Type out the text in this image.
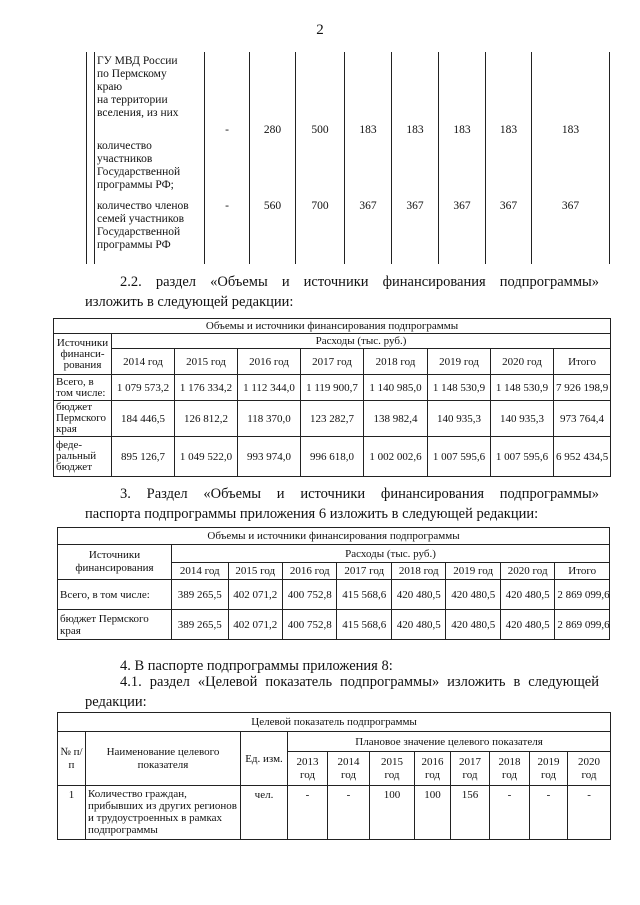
2

	ГУ МВД России
по Пермскому
краю
на территории
вселения, из них	-	280	500	183	183	183	183	183

	количество
участников
Государственной
программы РФ;								

	количество членов
семей участников
Государственной
программы РФ	-	560	700	367	367	367	367	367
2.2. раздел «Объемы и источники финансирования подпрограммы»
изложить в следующей редакции:
Объемы и источники финансирования подпрограммы								
Источники финанси- рования	Расходы (тыс. руб.)							
	2014 год	2015 год	2016 год	2017 год	2018 год	2019 год	2020 год	Итого
Всего, в том числе:	1 079 573,2	1 176 334,2	1 112 344,0	1 119 900,7	1 140 985,0	1 148 530,9	1 148 530,9	7 926 198,9
бюджет Пермского края	184 446,5	126 812,2	118 370,0	123 282,7	138 982,4	140 935,3	140 935,3	973 764,4
феде- ральный бюджет	895 126,7	1 049 522,0	993 974,0	996 618,0	1 002 002,6	1 007 595,6	1 007 595,6	6 952 434,5
3. Раздел «Объемы и источники финансирования подпрограммы»
паспорта подпрограммы приложения 6 изложить в следующей редакции:
Объемы и источники финансирования подпрограммы								
Источники финансирования	Расходы (тыс. руб.)							
	2014 год	2015 год	2016 год	2017 год	2018 год	2019 год	2020 год	Итого
Всего, в том числе:	389 265,5	402 071,2	400 752,8	415 568,6	420 480,5	420 480,5	420 480,5	2 869 099,6
бюджет Пермского края	389 265,5	402 071,2	400 752,8	415 568,6	420 480,5	420 480,5	420 480,5	2 869 099,6
4. В паспорте подпрограммы приложения 8:
4.1. раздел «Целевой показатель подпрограммы» изложить в следующей
редакции:
Целевой показатель подпрограммы										
№ п/п	Наименование целевого показателя	Ед. изм.	Плановое значение целевого показателя							
			2013 год	2014 год	2015 год	2016 год	2017 год	2018 год	2019 год	2020 год
1	Количество граждан, прибывших из других регионов и трудоустроенных в рамках подпрограммы	чел.	-	-	100	100	156	-	-	-
